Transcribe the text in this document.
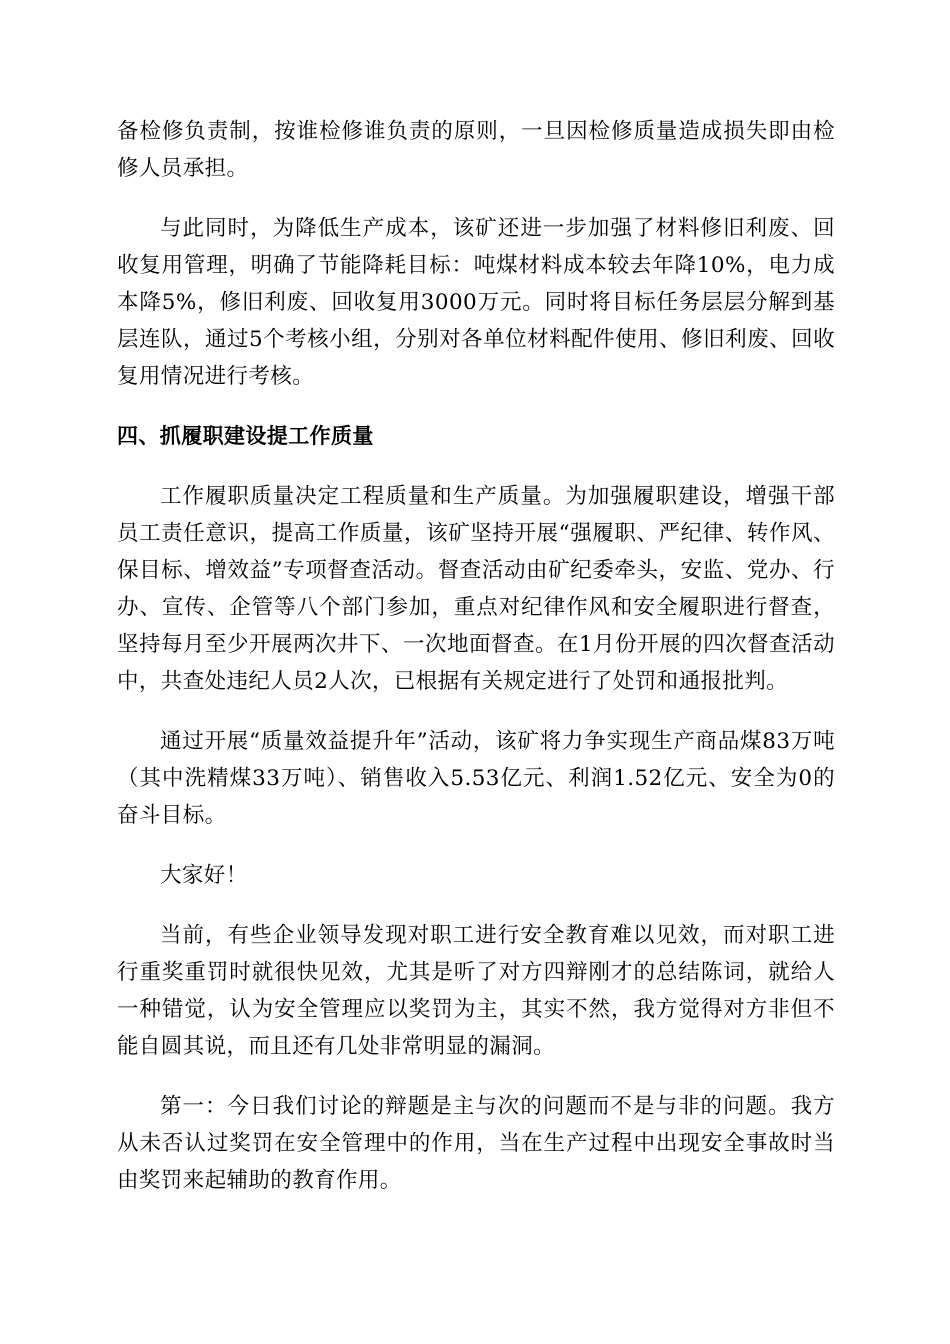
备检修负责制，按谁检修谁负责的原则，一旦因检修质量造成损失即由检修人员承担。

与此同时，为降低生产成本，该矿还进一步加强了材料修旧利废、回收复用管理，明确了节能降耗目标：吨煤材料成本较去年降10%，电力成本降5%，修旧利废、回收复用3000万元。同时将目标任务层层分解到基层连队，通过5个考核小组，分别对各单位材料配件使用、修旧利废、回收复用情况进行考核。

四、抓履职建设提工作质量

工作履职质量决定工程质量和生产质量。为加强履职建设，增强干部员工责任意识，提高工作质量，该矿坚持开展“强履职、严纪律、转作风、保目标、增效益”专项督查活动。督查活动由矿纪委牵头，安监、党办、行办、宣传、企管等八个部门参加，重点对纪律作风和安全履职进行督查，坚持每月至少开展两次井下、一次地面督查。在1月份开展的四次督查活动中，共查处违纪人员2人次，已根据有关规定进行了处罚和通报批判。

通过开展“质量效益提升年”活动，该矿将力争实现生产商品煤83万吨（其中洗精煤33万吨）、销售收入5.53亿元、利润1.52亿元、安全为0的奋斗目标。

大家好！

当前，有些企业领导发现对职工进行安全教育难以见效，而对职工进行重奖重罚时就很快见效，尤其是听了对方四辩刚才的总结陈词，就给人一种错觉，认为安全管理应以奖罚为主，其实不然，我方觉得对方非但不能自圆其说，而且还有几处非常明显的漏洞。

第一：今日我们讨论的辩题是主与次的问题而不是与非的问题。我方从未否认过奖罚在安全管理中的作用，当在生产过程中出现安全事故时当由奖罚来起辅助的教育作用。
